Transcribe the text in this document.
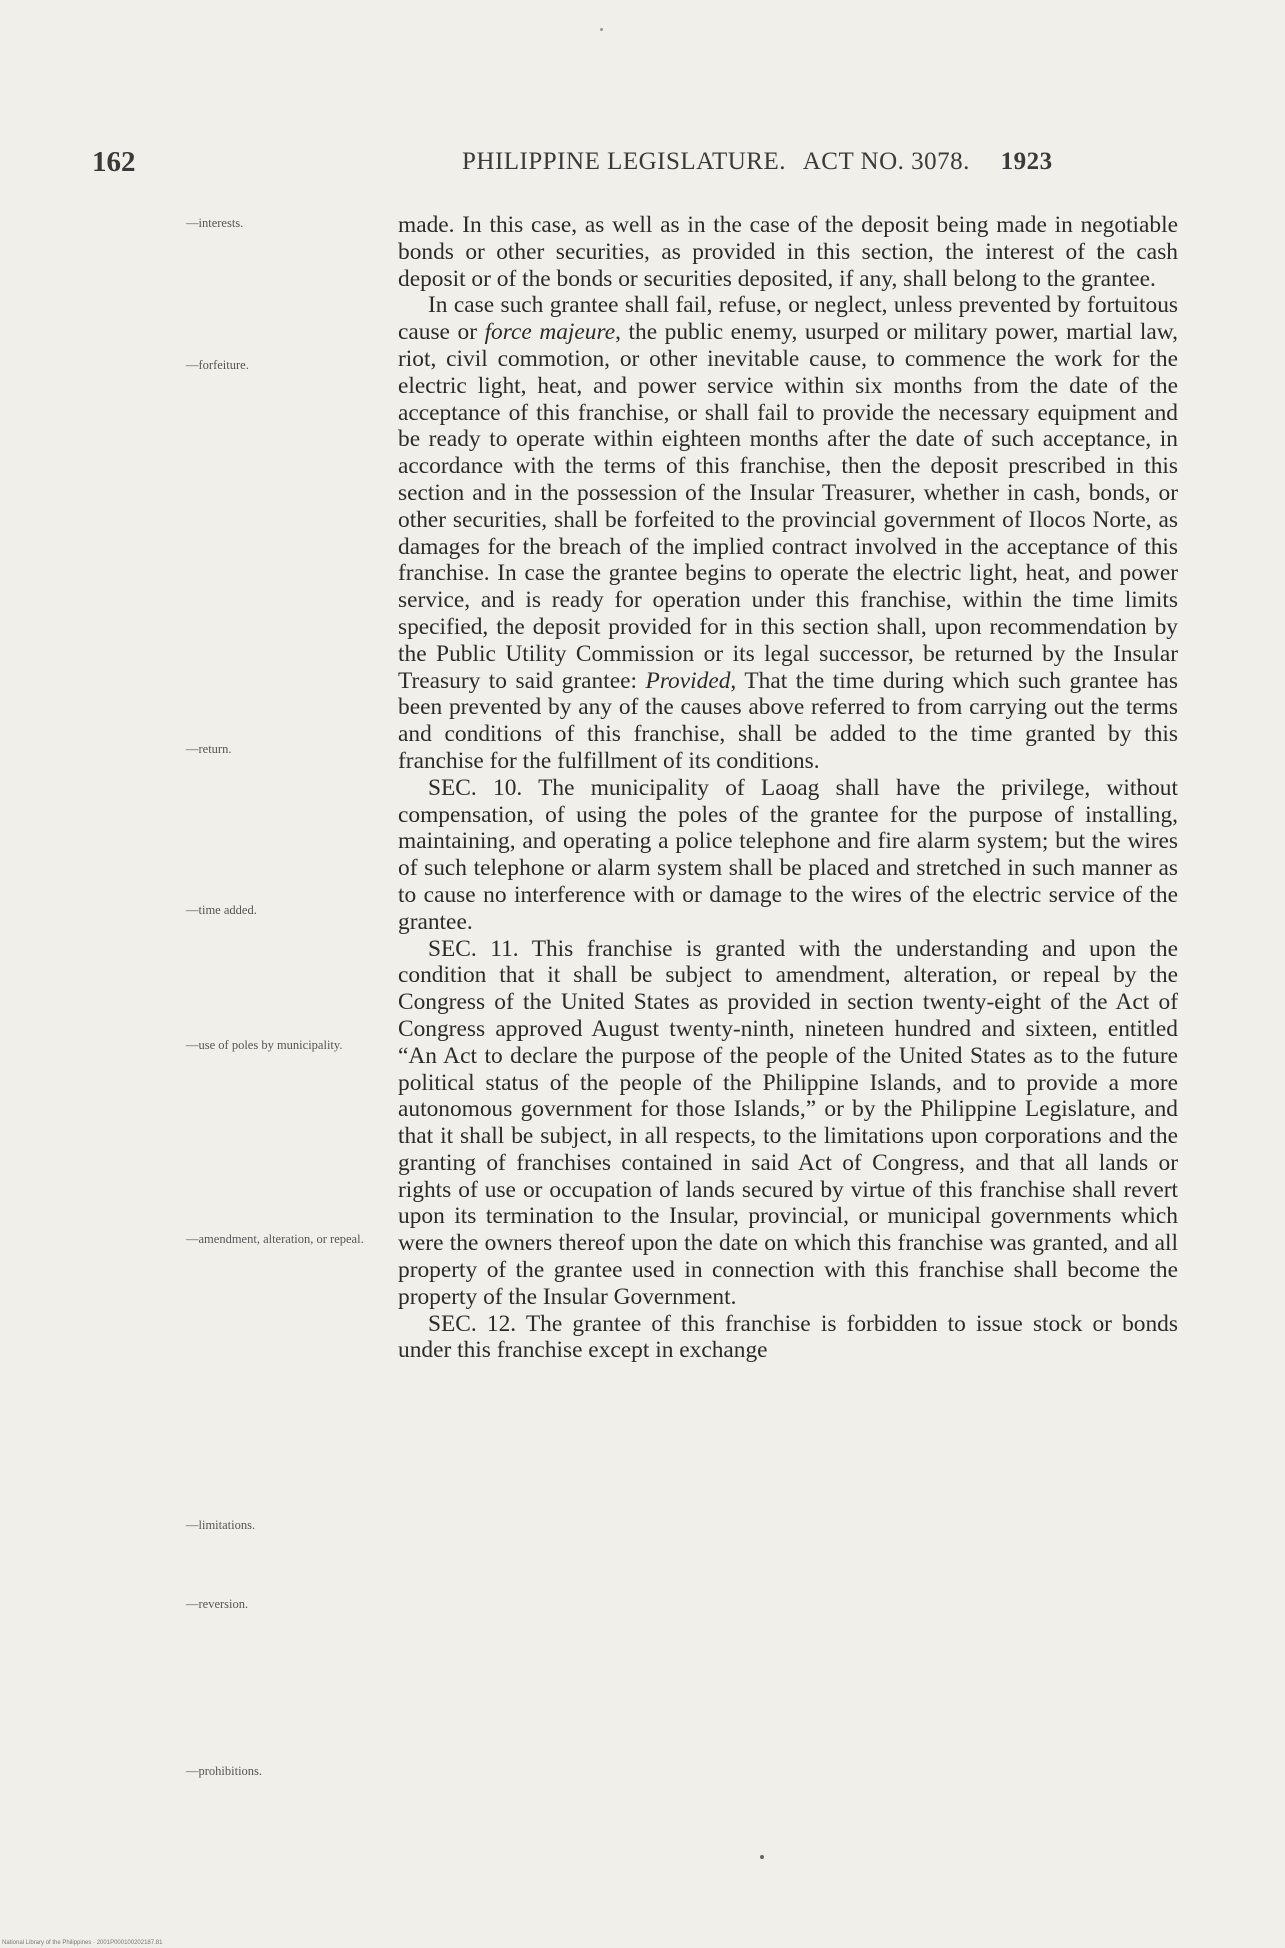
162	PHILIPPINE LEGISLATURE. ACT NO. 3078. 1923
—interests.
—forfeiture.
—return.
—time added.
—use of poles by municipality.
—amendment, alteration, or repeal.
—limitations.
—reversion.
—prohibitions.

made. In this case, as well as in the case of the deposit being made in negotiable bonds or other securities, as provided in this section, the interest of the cash deposit or of the bonds or securities deposited, if any, shall belong to the grantee.

In case such grantee shall fail, refuse, or neglect, unless prevented by fortuitous cause or force majeure, the public enemy, usurped or military power, martial law, riot, civil commotion, or other inevitable cause, to commence the work for the electric light, heat, and power service within six months from the date of the acceptance of this franchise, or shall fail to provide the necessary equipment and be ready to operate within eighteen months after the date of such acceptance, in accordance with the terms of this franchise, then the deposit prescribed in this section and in the possession of the Insular Treasurer, whether in cash, bonds, or other securities, shall be forfeited to the provincial government of Ilocos Norte, as damages for the breach of the implied contract involved in the acceptance of this franchise. In case the grantee begins to operate the electric light, heat, and power service, and is ready for operation under this franchise, within the time limits specified, the deposit provided for in this section shall, upon recommendation by the Public Utility Commission or its legal successor, be returned by the Insular Treasury to said grantee: Provided, That the time during which such grantee has been prevented by any of the causes above referred to from carrying out the terms and conditions of this franchise, shall be added to the time granted by this franchise for the fulfillment of its conditions.

SEC. 10. The municipality of Laoag shall have the privilege, without compensation, of using the poles of the grantee for the purpose of installing, maintaining, and operating a police telephone and fire alarm system; but the wires of such telephone or alarm system shall be placed and stretched in such manner as to cause no interference with or damage to the wires of the electric service of the grantee.

SEC. 11. This franchise is granted with the understanding and upon the condition that it shall be subject to amendment, alteration, or repeal by the Congress of the United States as provided in section twenty-eight of the Act of Congress approved August twenty-ninth, nineteen hundred and sixteen, entitled “An Act to declare the purpose of the people of the United States as to the future political status of the people of the Philippine Islands, and to provide a more autonomous government for those Islands,” or by the Philippine Legislature, and that it shall be subject, in all respects, to the limitations upon corporations and the granting of franchises contained in said Act of Congress, and that all lands or rights of use or occupation of lands secured by virtue of this franchise shall revert upon its termination to the Insular, provincial, or municipal governments which were the owners thereof upon the date on which this franchise was granted, and all property of the grantee used in connection with this franchise shall become the property of the Insular Government.

SEC. 12. The grantee of this franchise is forbidden to issue stock or bonds under this franchise except in exchange

National Library of the Philippines · 2001P000100202187.81
